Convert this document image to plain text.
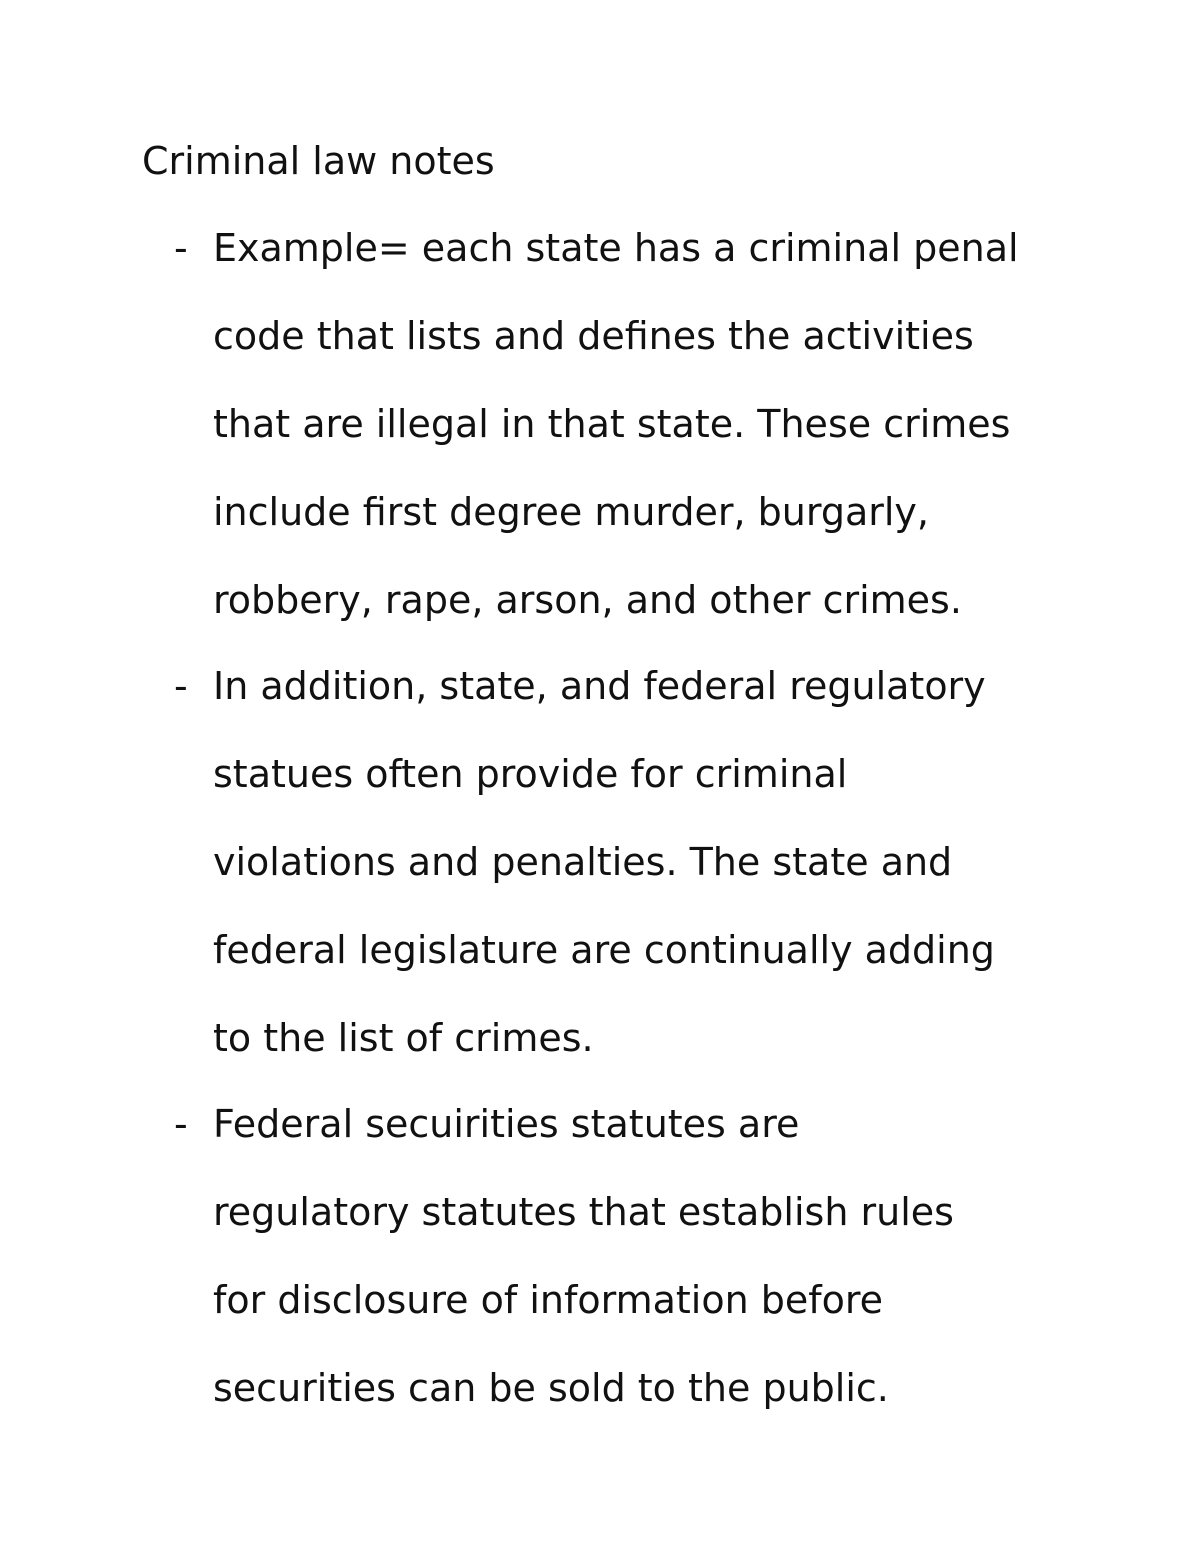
Criminal law notes
- Example= each state has a criminal penal
code that lists and defines the activities
that are illegal in that state. These crimes
include first degree murder, burgarly,
robbery, rape, arson, and other crimes.
- In addition, state, and federal regulatory
statues often provide for criminal
violations and penalties. The state and
federal legislature are continually adding
to the list of crimes.
- Federal secuirities statutes are
regulatory statutes that establish rules
for disclosure of information before
securities can be sold to the public.
